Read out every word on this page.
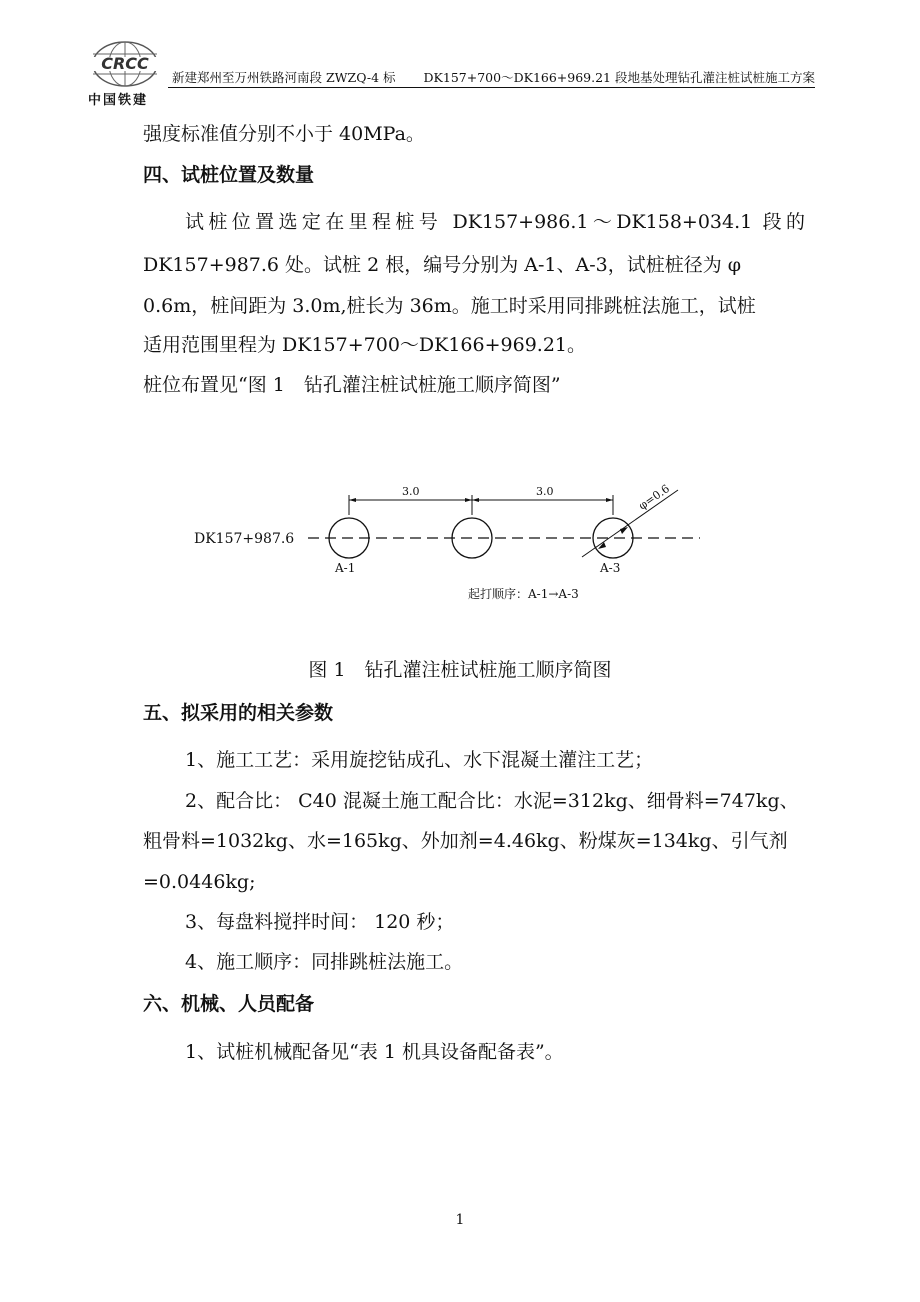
CRCC
中国铁建
新建郑州至万州铁路河南段 ZWZQ-4 标 DK157+700～DK166+969.21 段地基处理钻孔灌注桩试桩施工方案
强度标准值分别不小于 40MPa。
四、试桩位置及数量
试桩位置选定在里程桩号 DK157+986.1～DK158+034.1 段的
DK157+987.6 处。试桩 2 根，编号分别为 A-1、A-3，试桩桩径为 φ
0.6m，桩间距为 3.0m,桩长为 36m。施工时采用同排跳桩法施工，试桩
适用范围里程为 DK157+700～DK166+969.21。
桩位布置见“图 1　钻孔灌注桩试桩施工顺序简图”
DK157+987.6
3.0	3.0	φ=0.6
A-1	A-3
起打顺序：A-1→A-3
图 1　钻孔灌注桩试桩施工顺序简图
五、拟采用的相关参数
1、施工工艺：采用旋挖钻成孔、水下混凝土灌注工艺；
2、配合比： C40 混凝土施工配合比：水泥=312kg、细骨料=747kg、
粗骨料=1032kg、水=165kg、外加剂=4.46kg、粉煤灰=134kg、引气剂
=0.0446kg;
3、每盘料搅拌时间： 120 秒；
4、施工顺序：同排跳桩法施工。
六、机械、人员配备
1、试桩机械配备见“表 1 机具设备配备表”。
1
